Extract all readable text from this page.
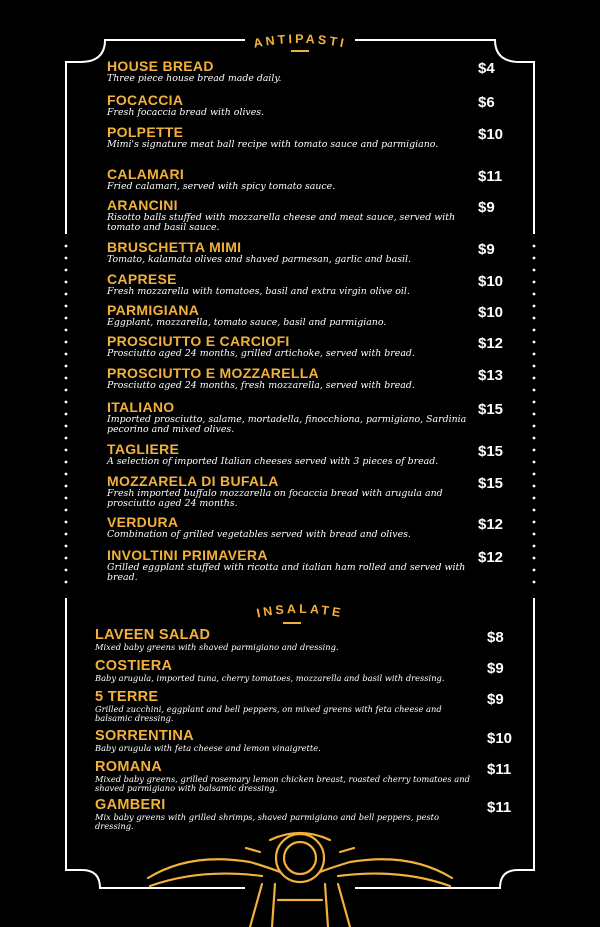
ANTIPASTI
HOUSE BREAD
Three piece house bread made daily.
$4
FOCACCIA
Fresh focaccia bread with olives.
$6
POLPETTE
Mimi's signature meat ball recipe with tomato sauce and parmigiano.
$10
CALAMARI
Fried calamari, served with spicy tomato sauce.
$11
ARANCINI
Risotto balls stuffed with mozzarella cheese and meat sauce, served with tomato and basil sauce.
$9
BRUSCHETTA MIMI
Tomato, kalamata olives and shaved parmesan, garlic and basil.
$9
CAPRESE
Fresh mozzarella with tomatoes, basil and extra virgin olive oil.
$10
PARMIGIANA
Eggplant, mozzarella, tomato sauce, basil and parmigiano.
$10
PROSCIUTTO E CARCIOFI
Prosciutto aged 24 months, grilled artichoke, served with bread.
$12
PROSCIUTTO E MOZZARELLA
Prosciutto aged 24 months, fresh mozzarella, served with bread.
$13
ITALIANO
Imported prosciutto, salame, mortadella, finocchiona, parmigiano, Sardinia pecorino and mixed olives.
$15
TAGLIERE
A selection of imported Italian cheeses served with 3 pieces of bread.
$15
MOZZARELA DI BUFALA
Fresh imported buffalo mozzarella on focaccia bread with arugula and prosciutto aged 24 months.
$15
VERDURA
Combination of grilled vegetables served with bread and olives.
$12
INVOLTINI PRIMAVERA
Grilled eggplant stuffed with ricotta and italian ham rolled and served with bread.
$12
INSALATE
LAVEEN SALAD
Mixed baby greens with shaved parmigiano and dressing.
$8
COSTIERA
Baby arugula, imported tuna, cherry tomatoes, mozzarella and basil with dressing.
$9
5 TERRE
Grilled zucchini, eggplant and bell peppers, on mixed greens with feta cheese and balsamic dressing.
$9
SORRENTINA
Baby arugula with feta cheese and lemon vinaigrette.
$10
ROMANA
Mixed baby greens, grilled rosemary lemon chicken breast, roasted cherry tomatoes and shaved parmigiano with balsamic dressing.
$11
GAMBERI
Mix baby greens with grilled shrimps, shaved parmigiano and bell peppers, pesto dressing.
$11
